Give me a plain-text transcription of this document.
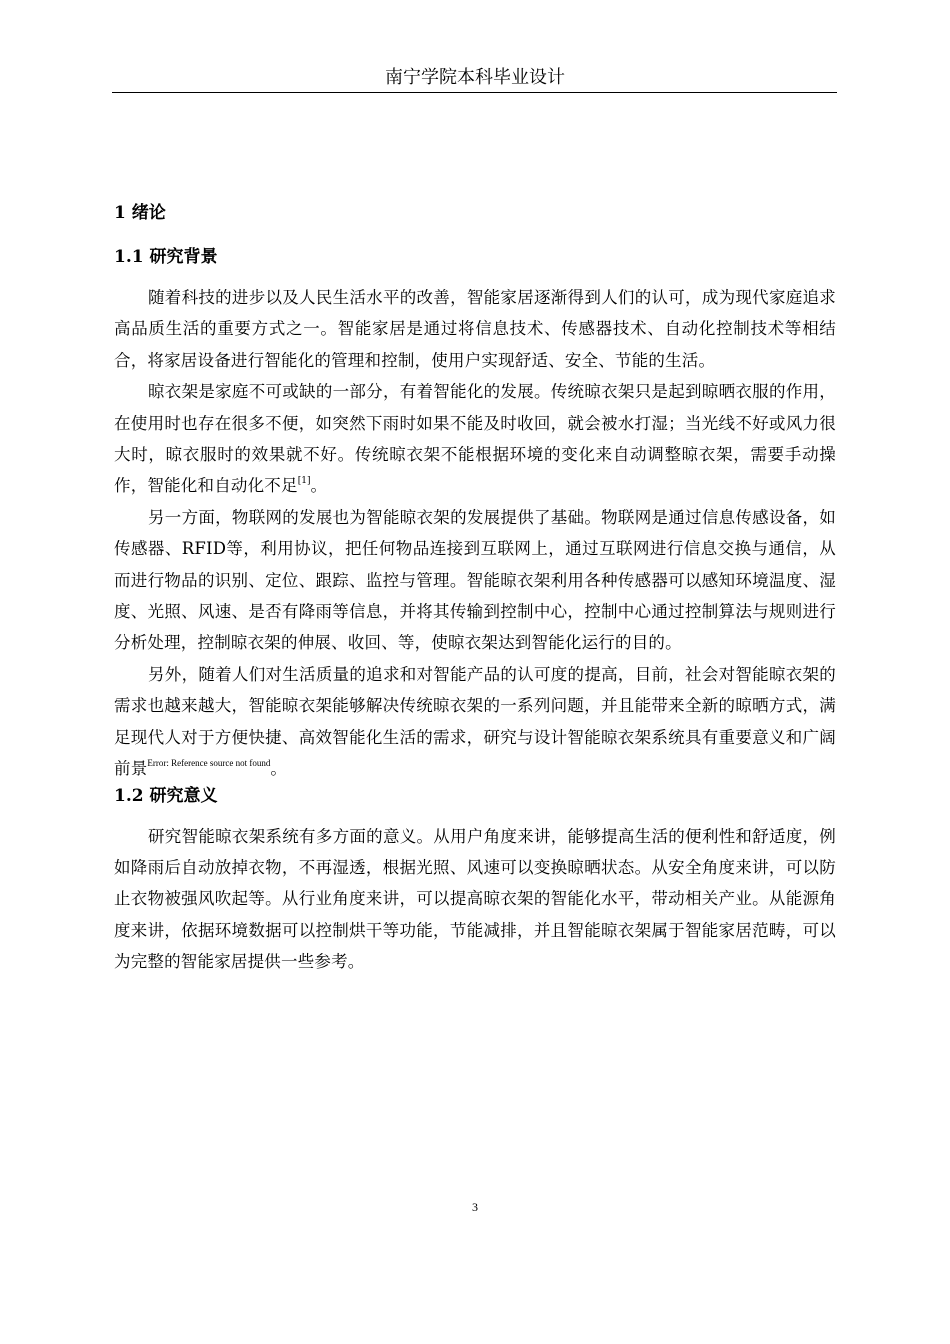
南宁学院本科毕业设计
1 绪论
1.1 研究背景

随着科技的进步以及人民生活水平的改善，智能家居逐渐得到人们的认可，成为现代家庭追求高品质生活的重要方式之一。智能家居是通过将信息技术、传感器技术、自动化控制技术等相结合，将家居设备进行智能化的管理和控制，使用户实现舒适、安全、节能的生活。

晾衣架是家庭不可或缺的一部分，有着智能化的发展。传统晾衣架只是起到晾晒衣服的作用，在使用时也存在很多不便，如突然下雨时如果不能及时收回，就会被水打湿；当光线不好或风力很大时，晾衣服时的效果就不好。传统晾衣架不能根据环境的变化来自动调整晾衣架，需要手动操作，智能化和自动化不足[1]。

另一方面，物联网的发展也为智能晾衣架的发展提供了基础。物联网是通过信息传感设备，如传感器、RFID等，利用协议，把任何物品连接到互联网上，通过互联网进行信息交换与通信，从而进行物品的识别、定位、跟踪、监控与管理。智能晾衣架利用各种传感器可以感知环境温度、湿度、光照、风速、是否有降雨等信息，并将其传输到控制中心，控制中心通过控制算法与规则进行分析处理，控制晾衣架的伸展、收回、等，使晾衣架达到智能化运行的目的。

另外，随着人们对生活质量的追求和对智能产品的认可度的提高，目前，社会对智能晾衣架的需求也越来越大，智能晾衣架能够解决传统晾衣架的一系列问题，并且能带来全新的晾晒方式，满足现代人对于方便快捷、高效智能化生活的需求，研究与设计智能晾衣架系统具有重要意义和广阔前景$^{Error: Reference source not found}$。

1.2 研究意义

研究智能晾衣架系统有多方面的意义。从用户角度来讲，能够提高生活的便利性和舒适度，例如降雨后自动放掉衣物，不再湿透，根据光照、风速可以变换晾晒状态。从安全角度来讲，可以防止衣物被强风吹起等。从行业角度来讲，可以提高晾衣架的智能化水平，带动相关产业。从能源角度来讲，依据环境数据可以控制烘干等功能，节能减排，并且智能晾衣架属于智能家居范畴，可以为完整的智能家居提供一些参考。

3
